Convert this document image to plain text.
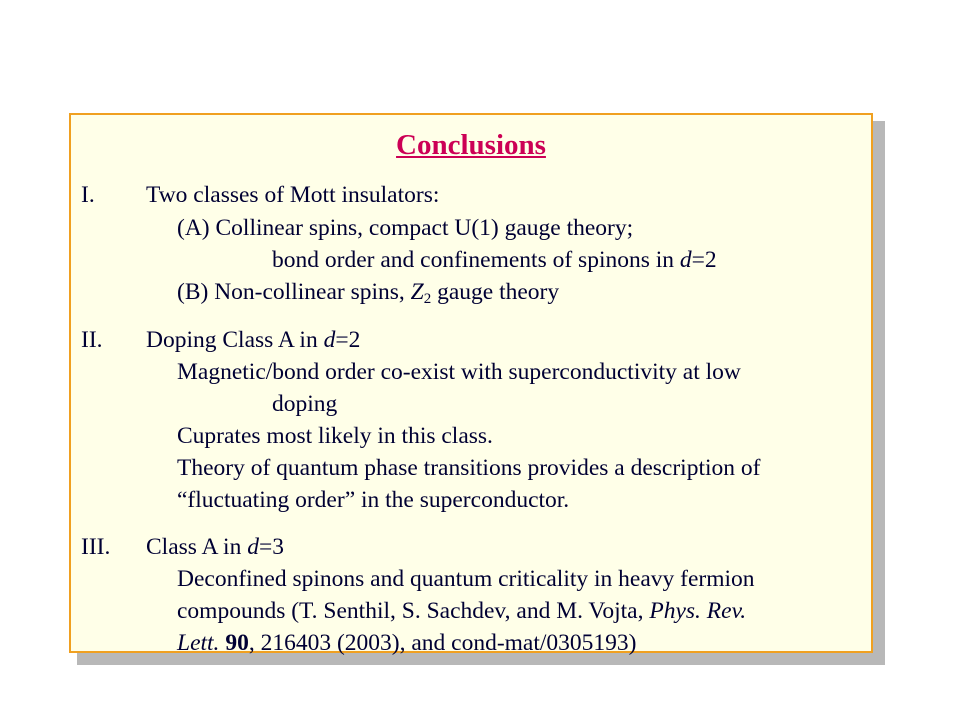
Conclusions
I. Two classes of Mott insulators:
(A) Collinear spins, compact U(1) gauge theory;
bond order and confinements of spinons in d=2
(B) Non-collinear spins, $Z_2$ gauge theory
II. Doping Class A in d=2
Magnetic/bond order co-exist with superconductivity at low
doping
Cuprates most likely in this class.
Theory of quantum phase transitions provides a description of
“fluctuating order” in the superconductor.
III. Class A in d=3
Deconfined spinons and quantum criticality in heavy fermion
compounds (T. Senthil, S. Sachdev, and M. Vojta, Phys. Rev.
Lett. 90, 216403 (2003), and cond-mat/0305193)
